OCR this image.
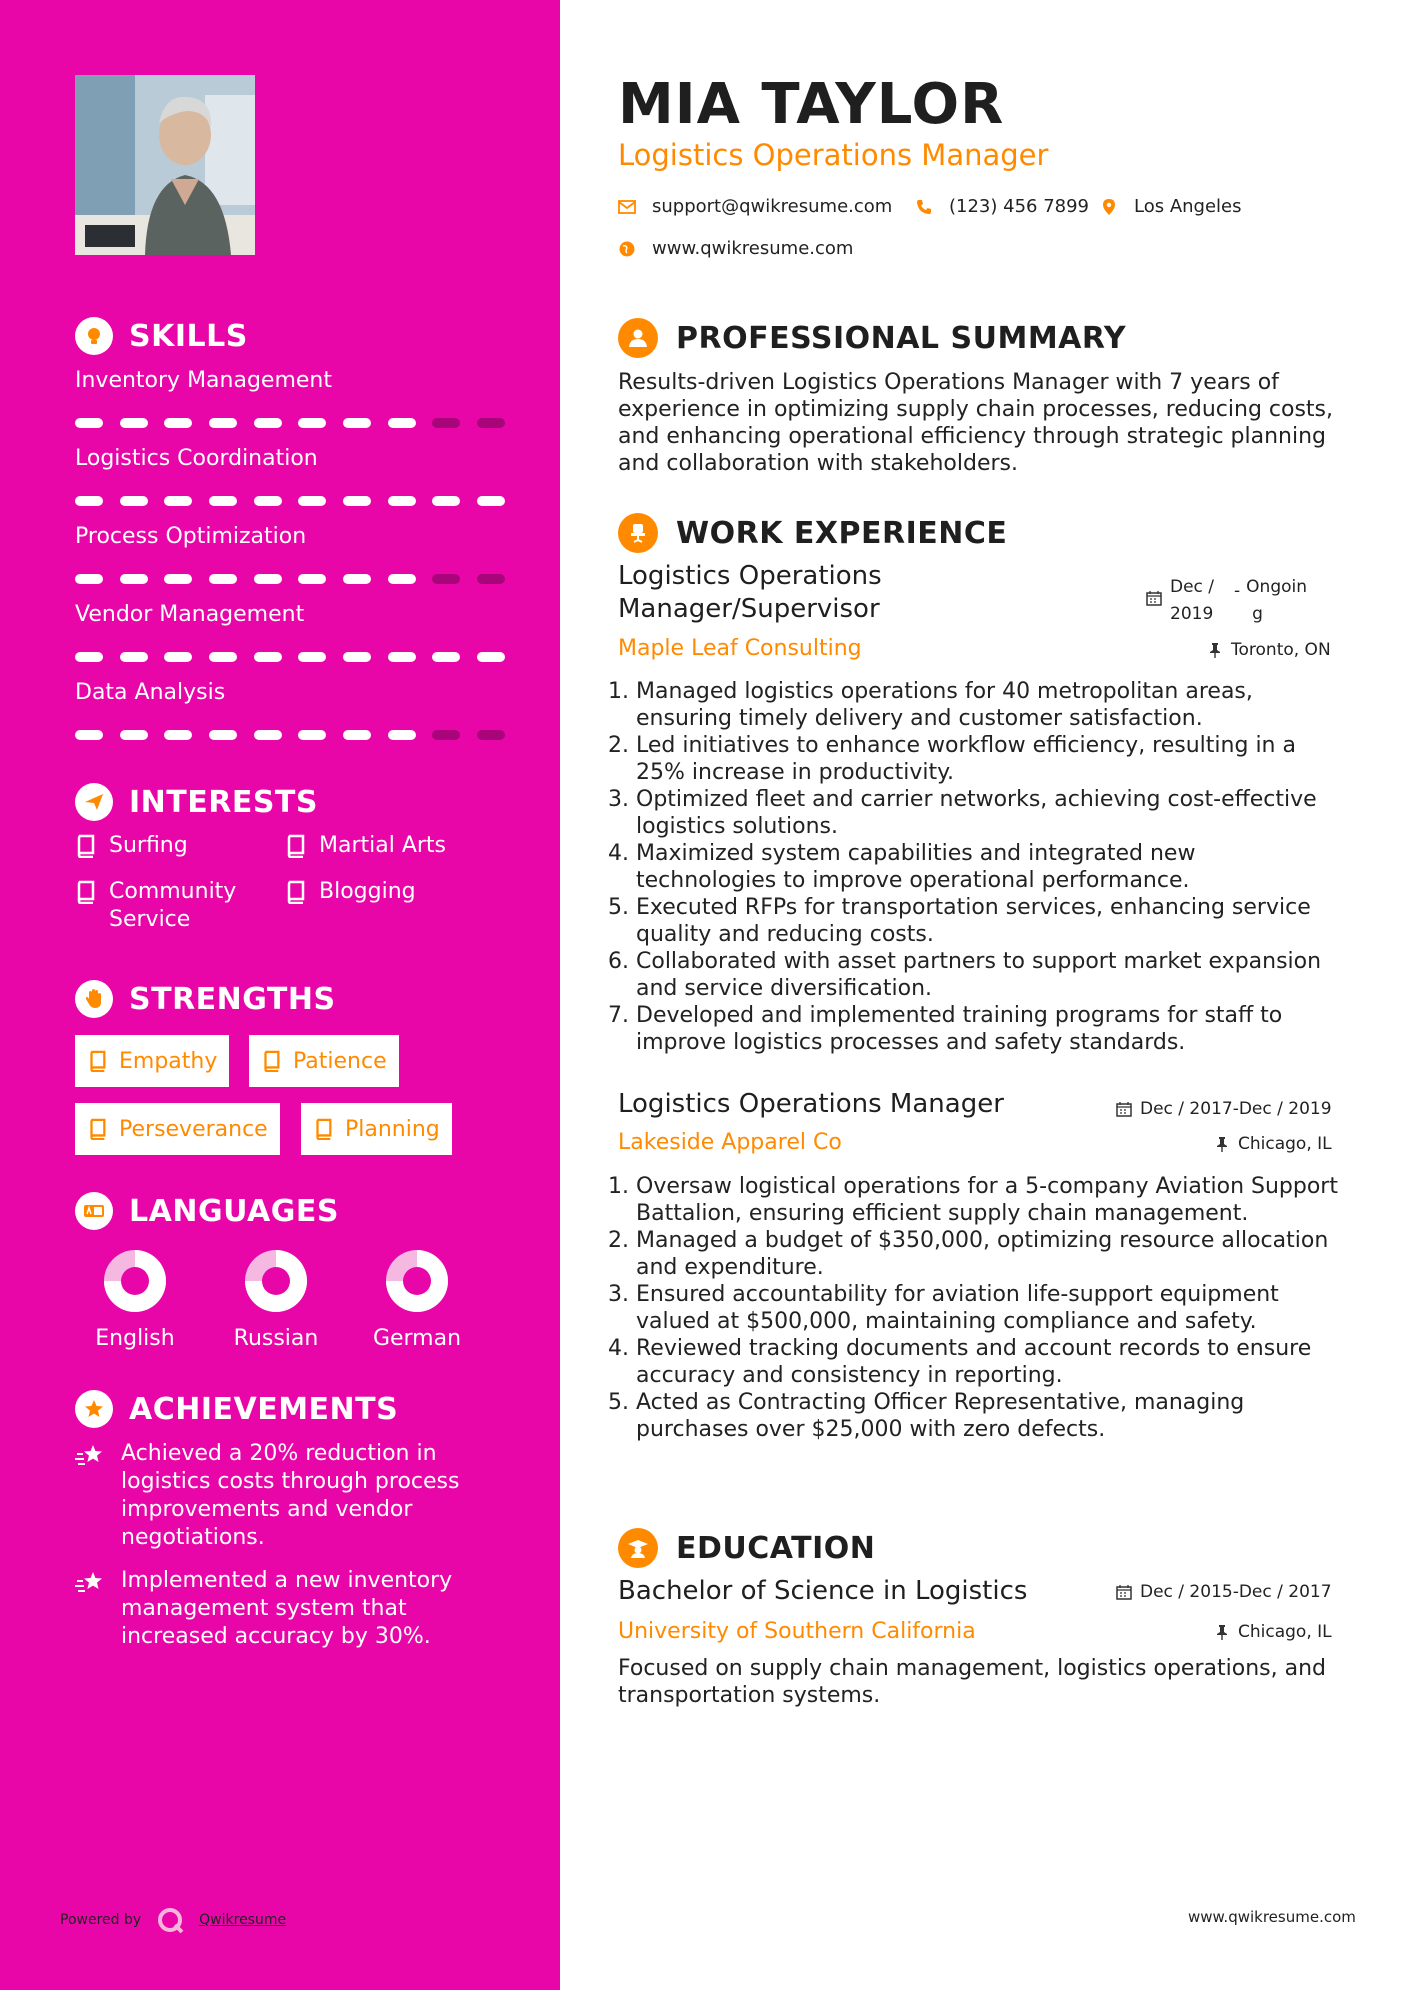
SKILLS
Inventory Management
Logistics Coordination
Process Optimization
Vendor Management
Data Analysis
INTERESTS
Surfing	Martial Arts
Community Service
Blogging
STRENGTHS
Empathy	Patience
Perseverance	Planning
LANGUAGES
English	Russian	German
ACHIEVEMENTS
Achieved a 20% reduction in logistics costs through process improvements and vendor negotiations.
Implemented a new inventory management system that increased accuracy by 30%.
Powered by	Qwikresume
MIA TAYLOR
Logistics Operations Manager
support@qwikresume.com	(123) 456 7899 Los Angeles
www.qwikresume.com
PROFESSIONAL SUMMARY
Results-driven Logistics Operations Manager with 7 years of experience in optimizing supply chain processes, reducing costs, and enhancing operational efficiency through strategic planning and collaboration with stakeholders.
WORK EXPERIENCE
Logistics Operations
Manager/Supervisor
Dec /
2019
- Ongoin
g
Maple Leaf Consulting	Toronto, ON
1. Managed logistics operations for 40 metropolitan areas, ensuring timely delivery and customer satisfaction.
2. Led initiatives to enhance workflow efficiency, resulting in a 25% increase in productivity.
3. Optimized fleet and carrier networks, achieving cost-effective logistics solutions.
4. Maximized system capabilities and integrated new technologies to improve operational performance.
5. Executed RFPs for transportation services, enhancing service quality and reducing costs.
6. Collaborated with asset partners to support market expansion and service diversification.
7. Developed and implemented training programs for staff to improve logistics processes and safety standards.
Logistics Operations Manager	Dec / 2017-Dec / 2019
Lakeside Apparel Co	Chicago, IL
1. Oversaw logistical operations for a 5-company Aviation Support Battalion, ensuring efficient supply chain management.
2. Managed a budget of $350,000, optimizing resource allocation and expenditure.
3. Ensured accountability for aviation life-support equipment valued at $500,000, maintaining compliance and safety.
4. Reviewed tracking documents and account records to ensure accuracy and consistency in reporting.
5. Acted as Contracting Officer Representative, managing purchases over $25,000 with zero defects.
EDUCATION
Bachelor of Science in Logistics	Dec / 2015-Dec / 2017
University of Southern California	Chicago, IL
Focused on supply chain management, logistics operations, and transportation systems.
www.qwikresume.com
